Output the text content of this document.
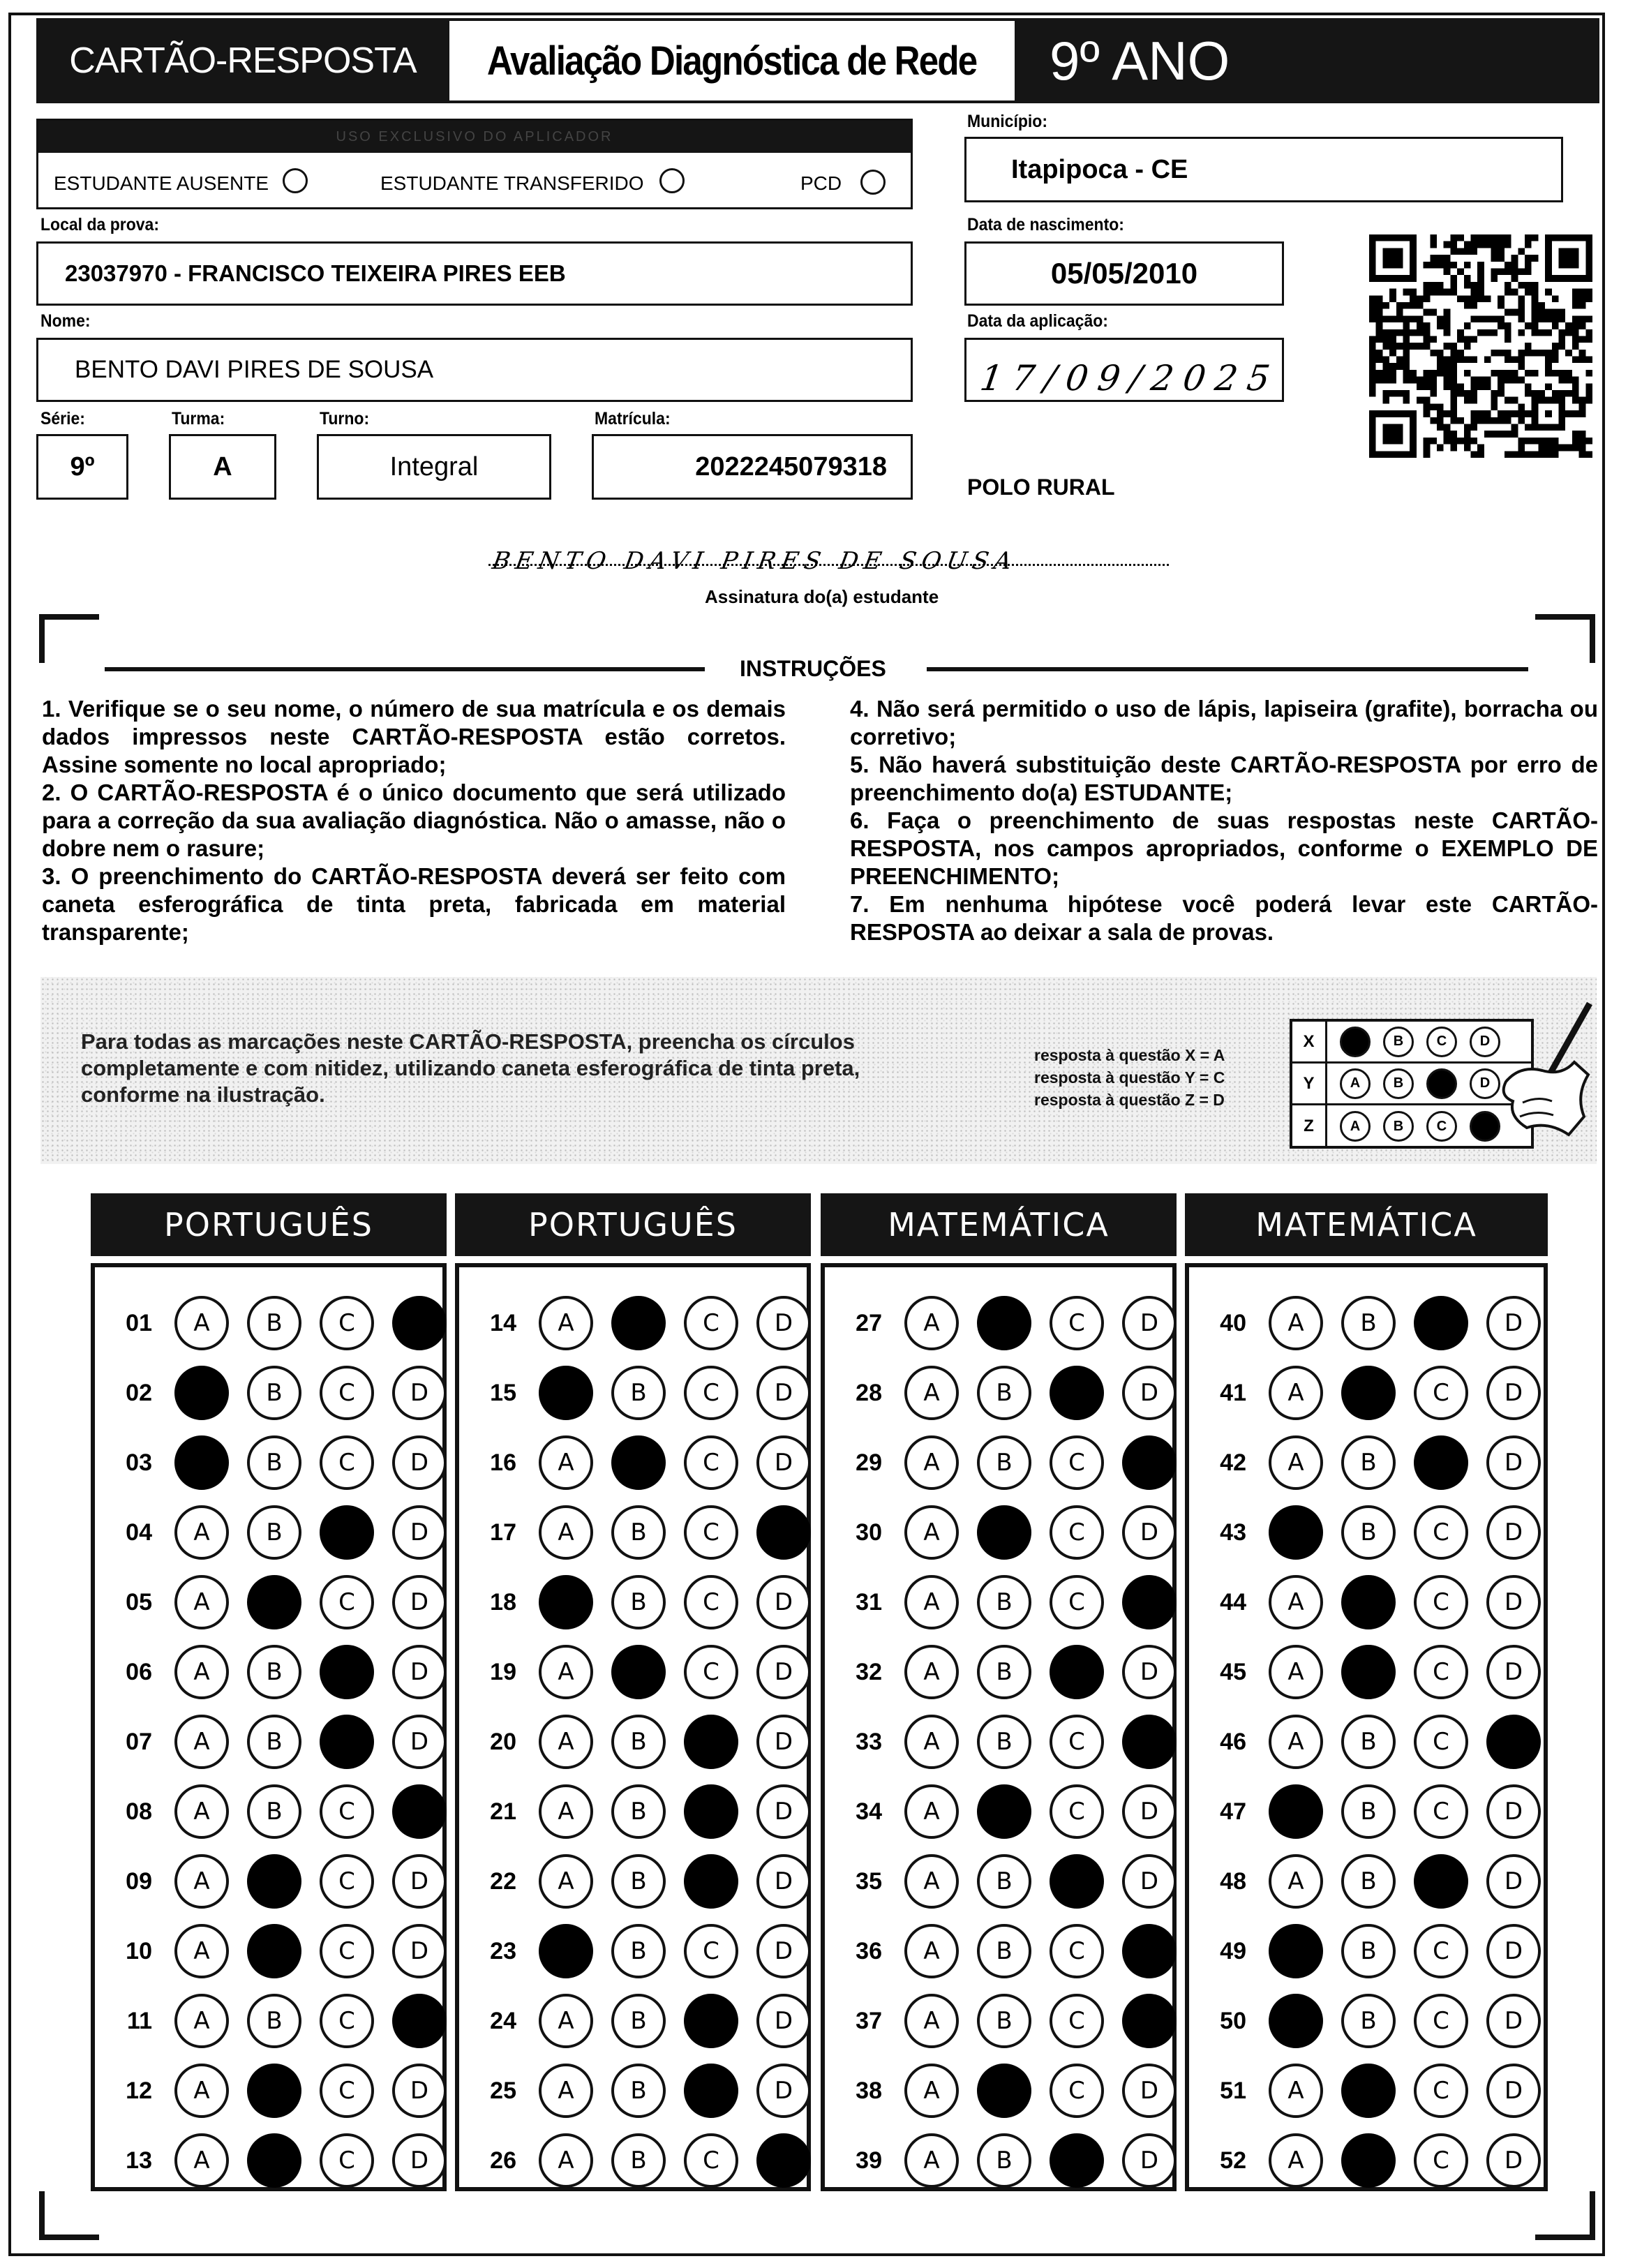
CARTÃO-RESPOSTA Avaliação Diagnóstica de Rede 9º ANO
USO EXCLUSIVO DO APLICADOR
ESTUDANTE AUSENTE	ESTUDANTE TRANSFERIDO	PCD
Local da prova:
23037970 - FRANCISCO TEIXEIRA PIRES EEB
Nome:
BENTO DAVI PIRES DE SOUSA
Série:
9º
Turma:
A
Turno:
Integral
Matrícula:
2022245079318
Município:
Itapipoca - CE
Data de nascimento:
05/05/2010
Data da aplicação:
17/09/2025
POLO RURAL
BENTO DAVI PIRES DE SOUSA
Assinatura do(a) estudante
INSTRUÇÕES

1. Verifique se o seu nome, o número de sua matrícula e os demais dados impressos neste CARTÃO-RESPOSTA estão corretos. Assine somente no local apropriado;

2. O CARTÃO-RESPOSTA é o único documento que será utilizado para a correção da sua avaliação diagnóstica. Não o amasse, não o dobre nem o rasure;

3. O preenchimento do CARTÃO-RESPOSTA deverá ser feito com caneta esferográfica de tinta preta, fabricada em material transparente;

4. Não será permitido o uso de lápis, lapiseira (grafite), borracha ou corretivo;

5. Não haverá substituição deste CARTÃO-RESPOSTA por erro de preenchimento do(a) ESTUDANTE;

6. Faça o preenchimento de suas respostas neste CARTÃO-RESPOSTA, nos campos apropriados, conforme o EXEMPLO DE PREENCHIMENTO;

7. Em nenhuma hipótese você poderá levar este CARTÃO-RESPOSTA ao deixar a sala de provas.

Para todas as marcações neste CARTÃO-RESPOSTA, preencha os círculos completamente e com nitidez, utilizando caneta esferográfica de tinta preta, conforme na ilustração.
resposta à questão X = A
resposta à questão Y = C
resposta à questão Z = D
X	A	B	C	D
Y	A	B	C	D
Z	A	B	C	D
PORTUGUÊS
01	A	B	C	D
02	A	B	C	D
03	A	B	C	D
04	A	B	C	D
05	A	B	C	D
06	A	B	C	D
07	A	B	C	D
08	A	B	C	D
09	A	B	C	D
10	A	B	C	D
11	A	B	C	D
12	A	B	C	D
13	A	B	C	D
PORTUGUÊS
14	A	B	C	D
15	A	B	C	D
16	A	B	C	D
17	A	B	C	D
18	A	B	C	D
19	A	B	C	D
20	A	B	C	D
21	A	B	C	D
22	A	B	C	D
23	A	B	C	D
24	A	B	C	D
25	A	B	C	D
26	A	B	C	D
MATEMÁTICA
27	A	B	C	D
28	A	B	C	D
29	A	B	C	D
30	A	B	C	D
31	A	B	C	D
32	A	B	C	D
33	A	B	C	D
34	A	B	C	D
35	A	B	C	D
36	A	B	C	D
37	A	B	C	D
38	A	B	C	D
39	A	B	C	D
MATEMÁTICA
40	A	B	C	D
41	A	B	C	D
42	A	B	C	D
43	A	B	C	D
44	A	B	C	D
45	A	B	C	D
46	A	B	C	D
47	A	B	C	D
48	A	B	C	D
49	A	B	C	D
50	A	B	C	D
51	A	B	C	D
52	A	B	C	D
